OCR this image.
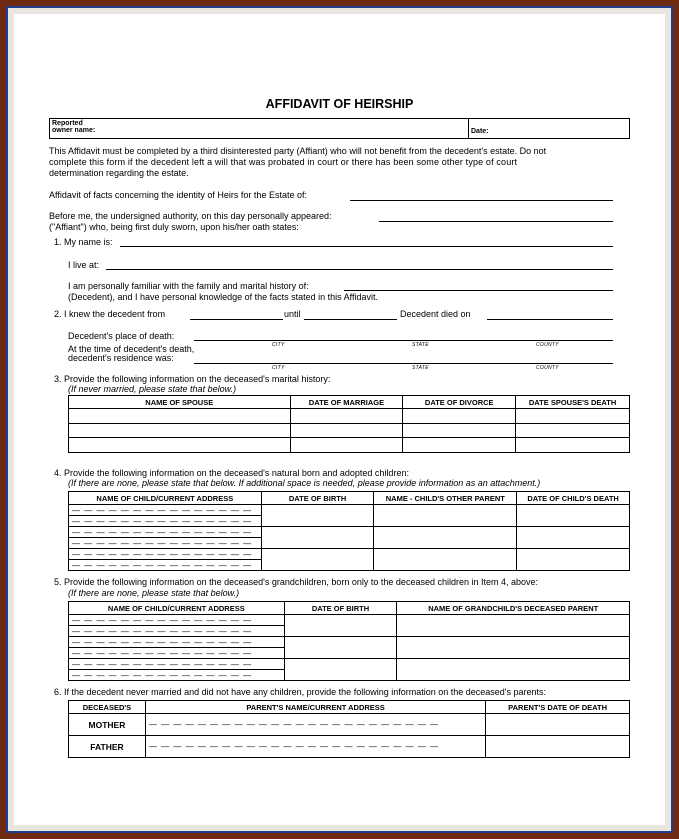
AFFIDAVIT OF HEIRSHIP
Reported
owner name:	Date:
This Affidavit must be completed by a third disinterested party (Affiant) who will not benefit from the decedent's estate. Do not
complete this form if the decedent left a will that was probated in court or there has been some other type of court
determination regarding the estate.
Affidavit of facts concerning the identity of Heirs for the Estate of:
Before me, the undersigned authority, on this day personally appeared:
("Affiant") who, being first duly sworn, upon his/her oath states:
1. My name is:
I live at:
I am personally familiar with the family and marital history of:
(Decedent), and I have personal knowledge of the facts stated in this Affidavit.
2. I knew the decedent from	until	Decedent died on
Decedent's place of death:
CITY	STATE	COUNTY
At the time of decedent's death,
decedent's residence was:
CITY	STATE	COUNTY
3. Provide the following information on the deceased's marital history:
(If never married, please state that below.)
NAME OF SPOUSE	DATE OF MARRIAGE	DATE OF DIVORCE	DATE SPOUSE'S DEATH

4. Provide the following information on the deceased's natural born and adopted children:
(If there are none, please state that below. If additional space is needed, please provide information as an attachment.)
NAME OF CHILD/CURRENT ADDRESS	DATE OF BIRTH	NAME - CHILD'S OTHER PARENT	DATE OF CHILD'S DEATH
— — — — — — — — — — — — — — —			
— — — — — — — — — — — — — — —			
— — — — — — — — — — — — — — —			
— — — — — — — — — — — — — — —			
— — — — — — — — — — — — — — —			
— — — — — — — — — — — — — — —			
5. Provide the following information on the deceased's grandchildren, born only to the deceased children in Item 4, above:
(If there are none, please state that below.)
NAME OF CHILD/CURRENT ADDRESS	DATE OF BIRTH	NAME OF GRANDCHILD'S DECEASED PARENT
— — — — — — — — — — — — — — —		
— — — — — — — — — — — — — — —		
— — — — — — — — — — — — — — —		
— — — — — — — — — — — — — — —		
— — — — — — — — — — — — — — —		
— — — — — — — — — — — — — — —		
6. If the decedent never married and did not have any children, provide the following information on the deceased's parents:
DECEASED'S	PARENT'S NAME/CURRENT ADDRESS	PARENT'S DATE OF DEATH
MOTHER	— — — — — — — — — — — — — — — — — — — — — — — —	
FATHER	— — — — — — — — — — — — — — — — — — — — — — — —	
